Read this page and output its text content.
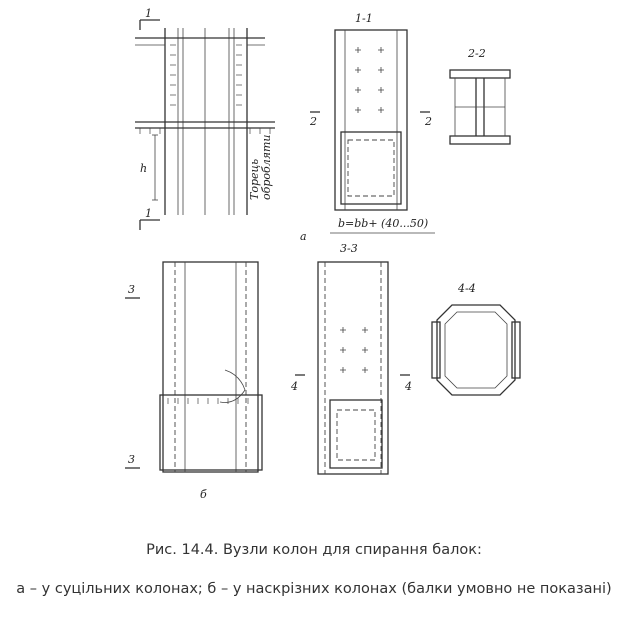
1
1
h	Торець обробляти
1-1
2	2
b=bb+ (40...50)
а
2-2
3
3
б
3-3
4	4
4-4
Рис. 14.4. Вузли колон для спирання балок:
а – у суцільних колонах; б – у наскрізних колонах (балки умовно не показані)
